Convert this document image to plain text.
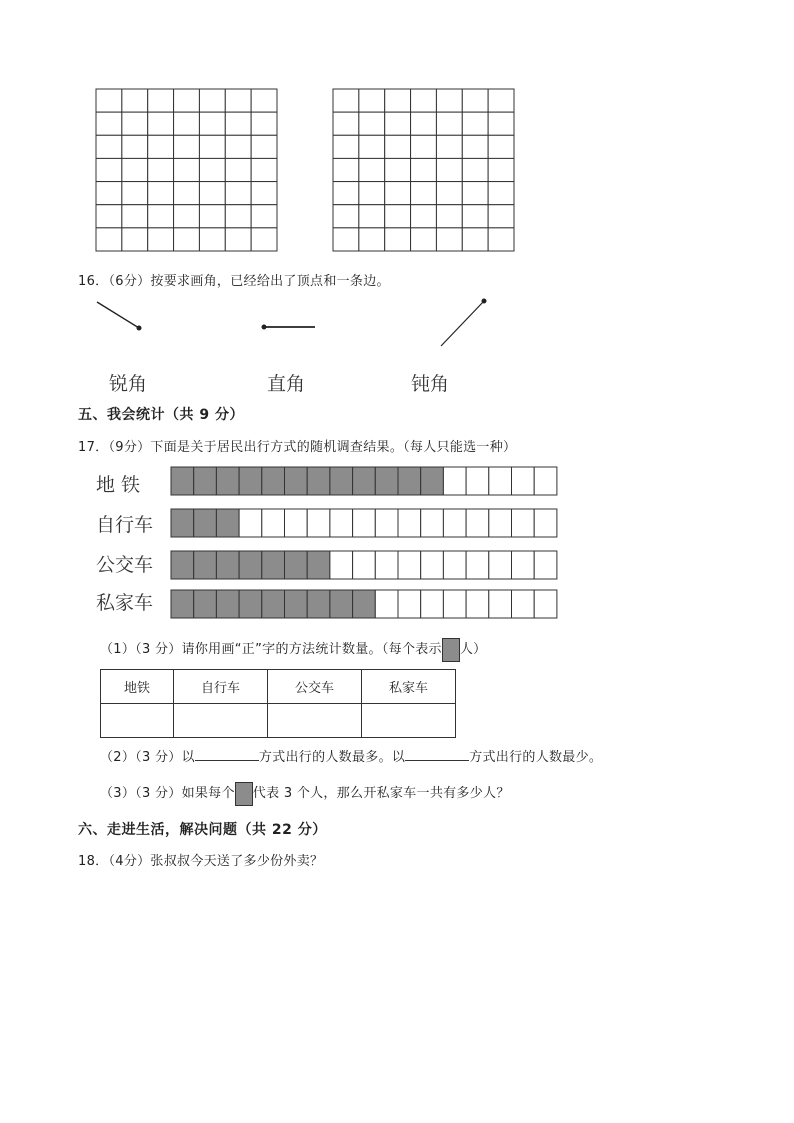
16．（6分）按要求画角，已经给出了顶点和一条边。
锐角	直角	钝角
五、我会统计（共 9 分）
17．（9分）下面是关于居民出行方式的随机调查结果。（每人只能选一种）
地 铁
自行车
公交车
私家车
（1）（3 分）请你用画“正”字的方法统计数量。（每个表示 人）
地铁	自行车	公交车	私家车

（2）（3 分）以	方式出行的人数最多。以	方式出行的人数最少。
（3）（3 分）如果每个 代表 3 个人，那么开私家车一共有多少人？
六、走进生活，解决问题（共 22 分）
18．（4分）张叔叔今天送了多少份外卖？
